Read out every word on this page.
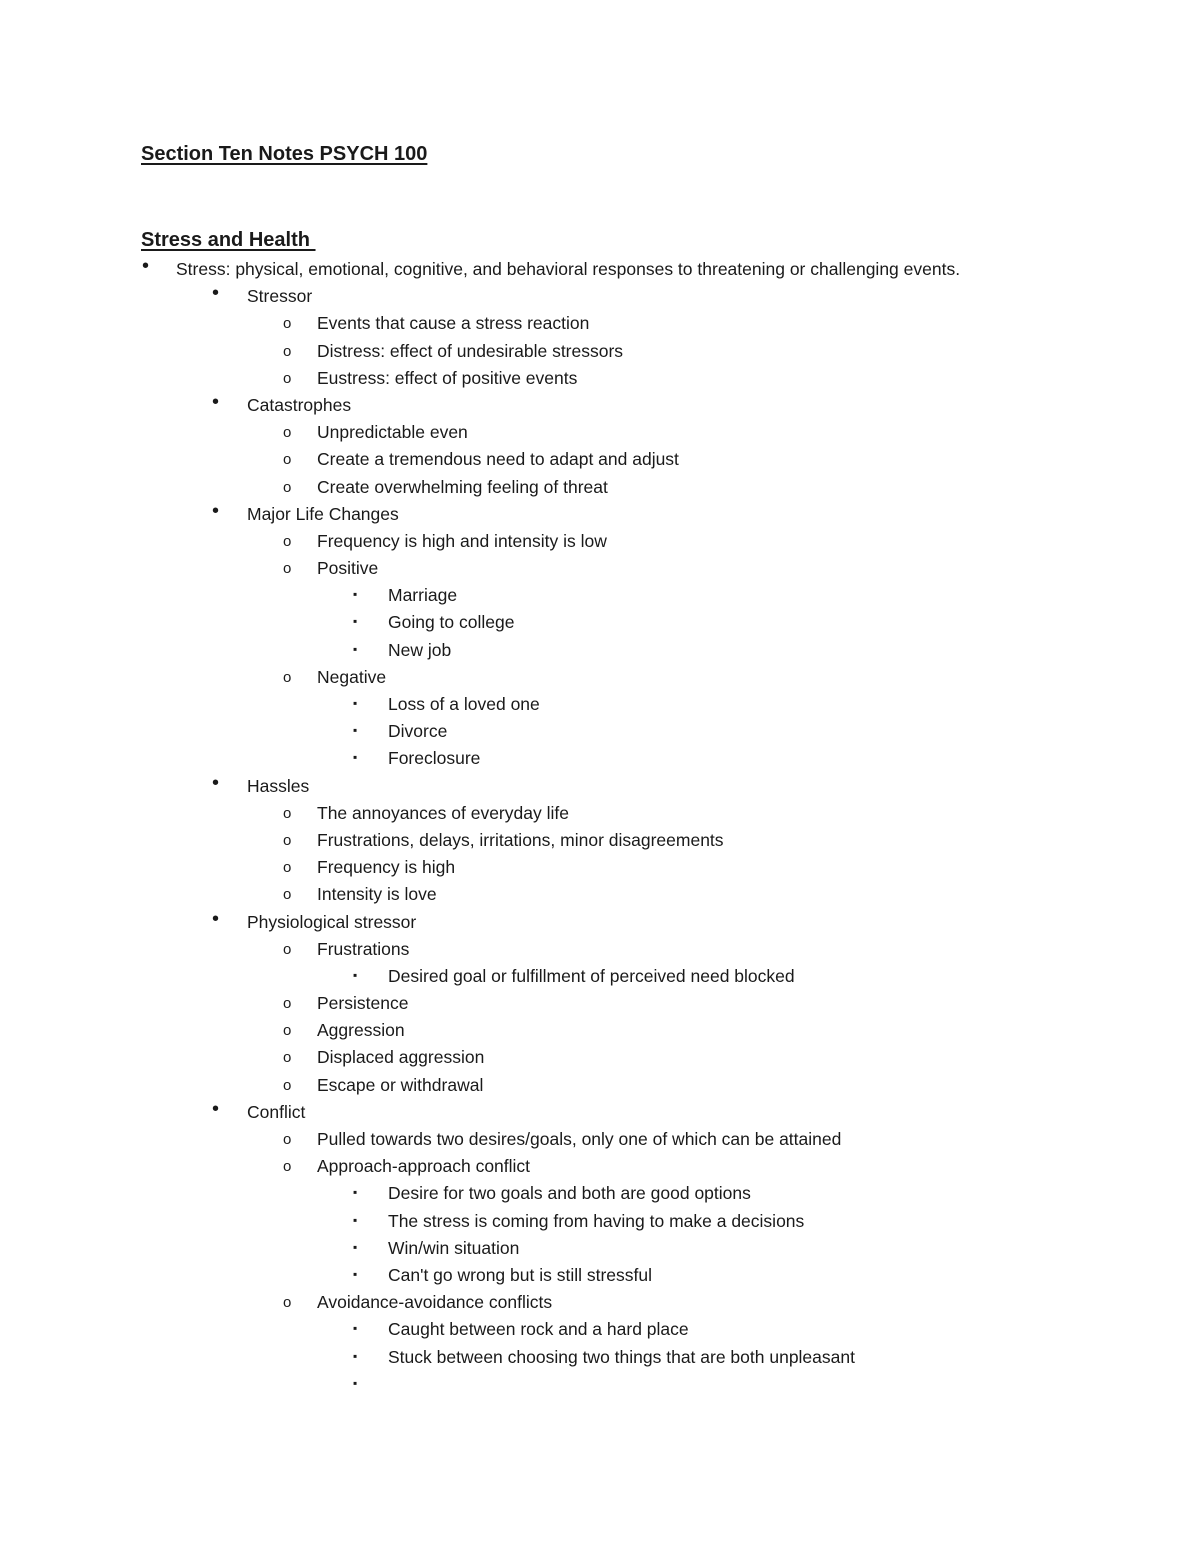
Section Ten Notes PSYCH 100
Stress and Health
• Stress: physical, emotional, cognitive, and behavioral responses to threatening or challenging events.
• Stressor
o Events that cause a stress reaction
o Distress: effect of undesirable stressors
o Eustress: effect of positive events
• Catastrophes
o Unpredictable even
o Create a tremendous need to adapt and adjust
o Create overwhelming feeling of threat
• Major Life Changes
o Frequency is high and intensity is low
o Positive
▪ Marriage
▪ Going to college
▪ New job
o Negative
▪ Loss of a loved one
▪ Divorce
▪ Foreclosure
• Hassles
o The annoyances of everyday life
o Frustrations, delays, irritations, minor disagreements
o Frequency is high
o Intensity is love
• Physiological stressor
o Frustrations
▪ Desired goal or fulfillment of perceived need blocked
o Persistence
o Aggression
o Displaced aggression
o Escape or withdrawal
• Conflict
o Pulled towards two desires/goals, only one of which can be attained
o Approach-approach conflict
▪ Desire for two goals and both are good options
▪ The stress is coming from having to make a decisions
▪ Win/win situation
▪ Can't go wrong but is still stressful
o Avoidance-avoidance conflicts
▪ Caught between rock and a hard place
▪ Stuck between choosing two things that are both unpleasant
▪
